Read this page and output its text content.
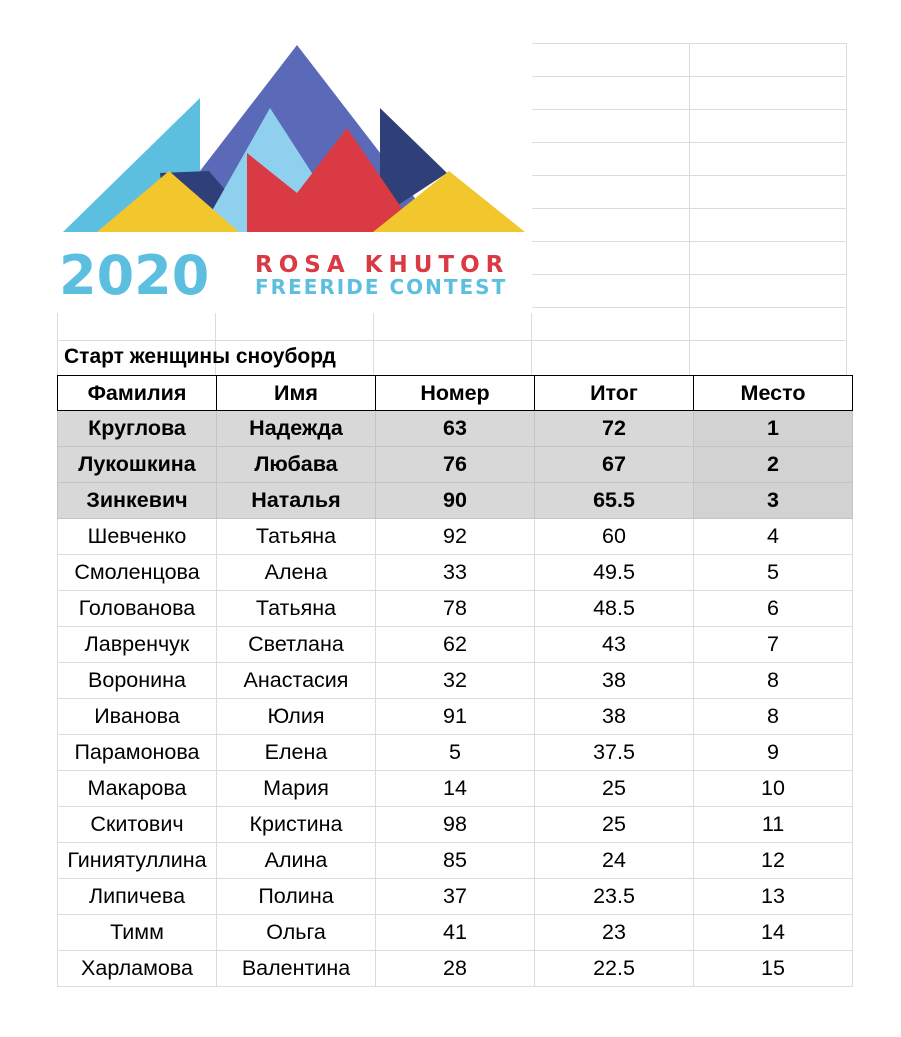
2020 ROSA KHUTOR
FREERIDE CONTEST
Старт женщины сноуборд
Фамилия	Имя	Номер	Итог	Место
Круглова	Надежда	63	72	1
Лукошкина	Любава	76	67	2
Зинкевич	Наталья	90	65.5	3
Шевченко	Татьяна	92	60	4
Смоленцова	Алена	33	49.5	5
Голованова	Татьяна	78	48.5	6
Лавренчук	Светлана	62	43	7
Воронина	Анастасия	32	38	8
Иванова	Юлия	91	38	8
Парамонова	Елена	5	37.5	9
Макарова	Мария	14	25	10
Скитович	Кристина	98	25	11
Гиниятуллина	Алина	85	24	12
Липичева	Полина	37	23.5	13
Тимм	Ольга	41	23	14
Харламова	Валентина	28	22.5	15
